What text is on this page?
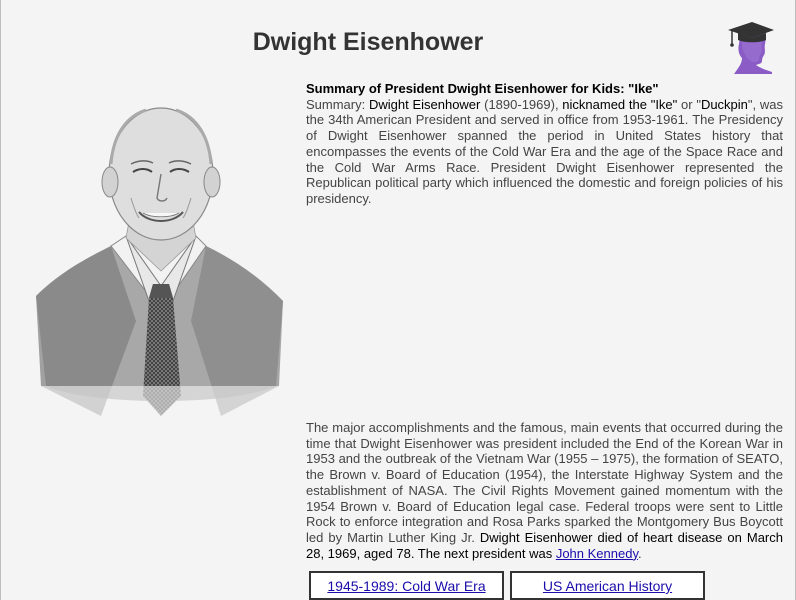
Dwight Eisenhower
Summary of President Dwight Eisenhower for Kids: "Ike"
Summary: Dwight Eisenhower (1890-1969), nicknamed the "Ike" or "Duckpin", was the 34th American President and served in office from 1953-1961. The Presidency of Dwight Eisenhower spanned the period in United States history that encompasses the events of the Cold War Era and the age of the Space Race and the Cold War Arms Race. President Dwight Eisenhower represented the Republican political party which influenced the domestic and foreign policies of his presidency.
The major accomplishments and the famous, main events that occurred during the time that Dwight Eisenhower was president included the End of the Korean War in 1953 and the outbreak of the Vietnam War (1955 – 1975), the formation of SEATO, the Brown v. Board of Education (1954), the Interstate Highway System and the establishment of NASA. The Civil Rights Movement gained momentum with the 1954 Brown v. Board of Education legal case. Federal troops were sent to Little Rock to enforce integration and Rosa Parks sparked the Montgomery Bus Boycott led by Martin Luther King Jr. Dwight Eisenhower died of heart disease on March 28, 1969, aged 78. The next president was John Kennedy.
1945-1989: Cold War Era	US American History
